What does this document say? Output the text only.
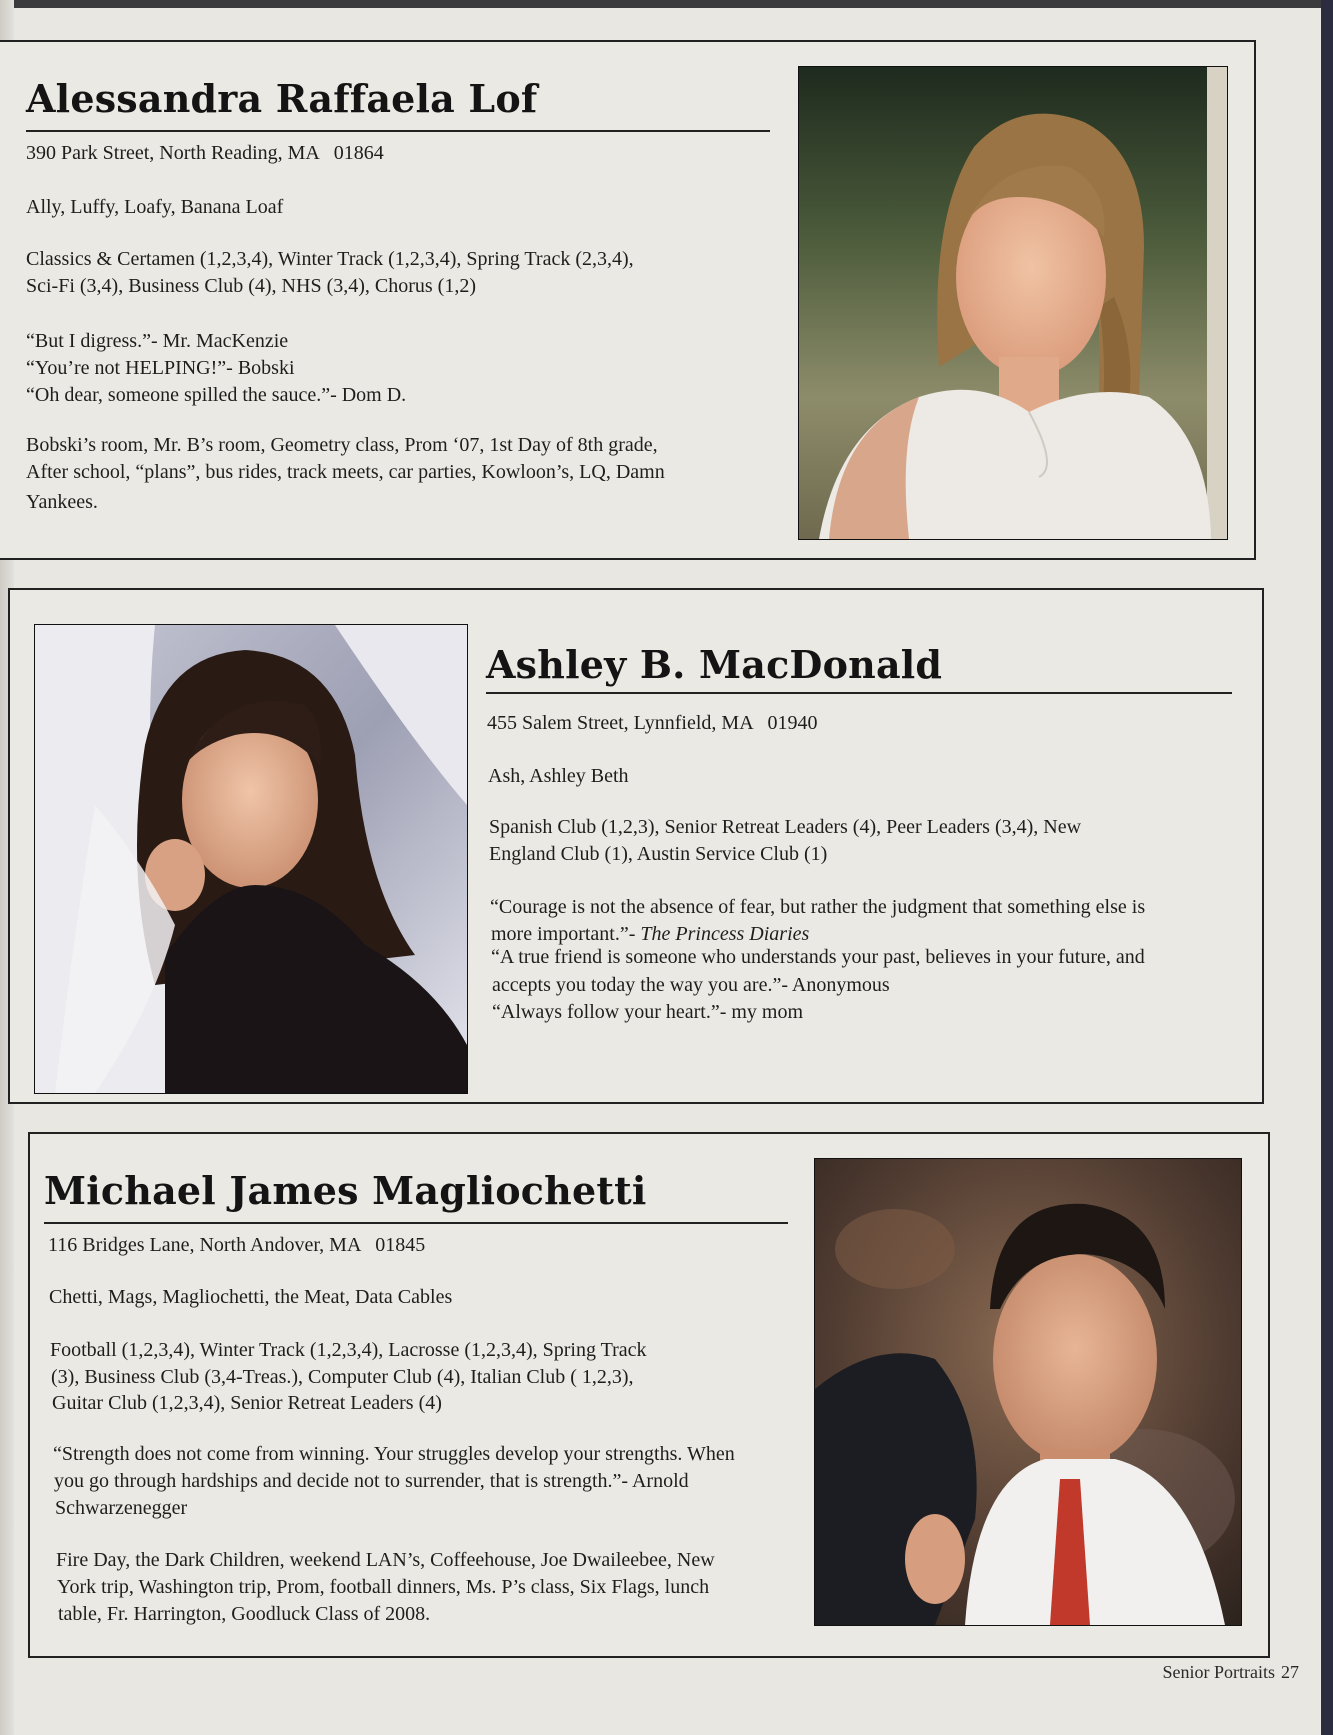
Alessandra Raffaela Lof

390 Park Street, North Reading, MA   01864

Ally, Luffy, Loafy, Banana Loaf

Classics & Certamen (1,2,3,4), Winter Track (1,2,3,4), Spring Track (2,3,4),

Sci-Fi (3,4), Business Club (4), NHS (3,4), Chorus (1,2)

“But I digress.”- Mr. MacKenzie

“You’re not HELPING!”- Bobski

“Oh dear, someone spilled the sauce.”- Dom D.

Bobski’s room, Mr. B’s room, Geometry class, Prom ‘07, 1st Day of 8th grade,

After school, “plans”, bus rides, track meets, car parties, Kowloon’s, LQ, Damn

Yankees.

Ashley B. MacDonald

455 Salem Street, Lynnfield, MA   01940

Ash, Ashley Beth

Spanish Club (1,2,3), Senior Retreat Leaders (4), Peer Leaders (3,4), New

England Club (1), Austin Service Club (1)

“Courage is not the absence of fear, but rather the judgment that something else is

more important.”- The Princess Diaries

“A true friend is someone who understands your past, believes in your future, and

accepts you today the way you are.”- Anonymous

“Always follow your heart.”- my mom

Michael James Magliochetti

116 Bridges Lane, North Andover, MA   01845

Chetti, Mags, Magliochetti, the Meat, Data Cables

Football (1,2,3,4), Winter Track (1,2,3,4), Lacrosse (1,2,3,4), Spring Track

(3), Business Club (3,4-Treas.), Computer Club (4), Italian Club ( 1,2,3),

Guitar Club (1,2,3,4), Senior Retreat Leaders (4)

“Strength does not come from winning. Your struggles develop your strengths. When

you go through hardships and decide not to surrender, that is strength.”- Arnold

Schwarzenegger

Fire Day, the Dark Children, weekend LAN’s, Coffeehouse, Joe Dwaileebee, New

York trip, Washington trip, Prom, football dinners, Ms. P’s class, Six Flags, lunch

table, Fr. Harrington, Goodluck Class of 2008.

Senior Portraits 27
